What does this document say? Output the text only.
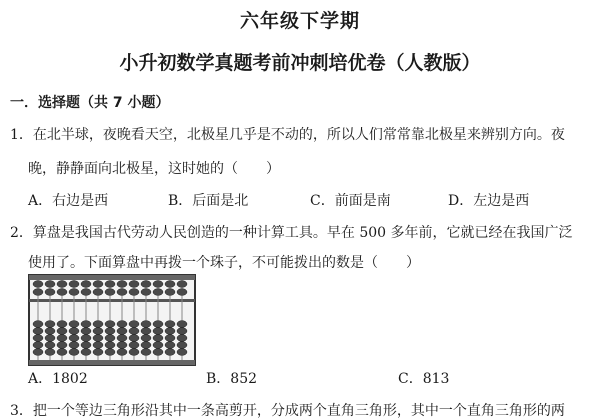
六年级下学期
小升初数学真题考前冲刺培优卷（人教版）
一．选择题（共 7 小题）
1．在北半球，夜晚看天空，北极星几乎是不动的，所以人们常常靠北极星来辨别方向。夜
晚，静静面向北极星，这时她的（　　）
A．右边是西	B．后面是北	C．前面是南	D．左边是西
2．算盘是我国古代劳动人民创造的一种计算工具。早在 500 多年前，它就已经在我国广泛
使用了。下面算盘中再拨一个珠子，不可能拨出的数是（　　）
A．1802	B．852	C．813
3．把一个等边三角形沿其中一条高剪开，分成两个直角三角形，其中一个直角三角形的两
